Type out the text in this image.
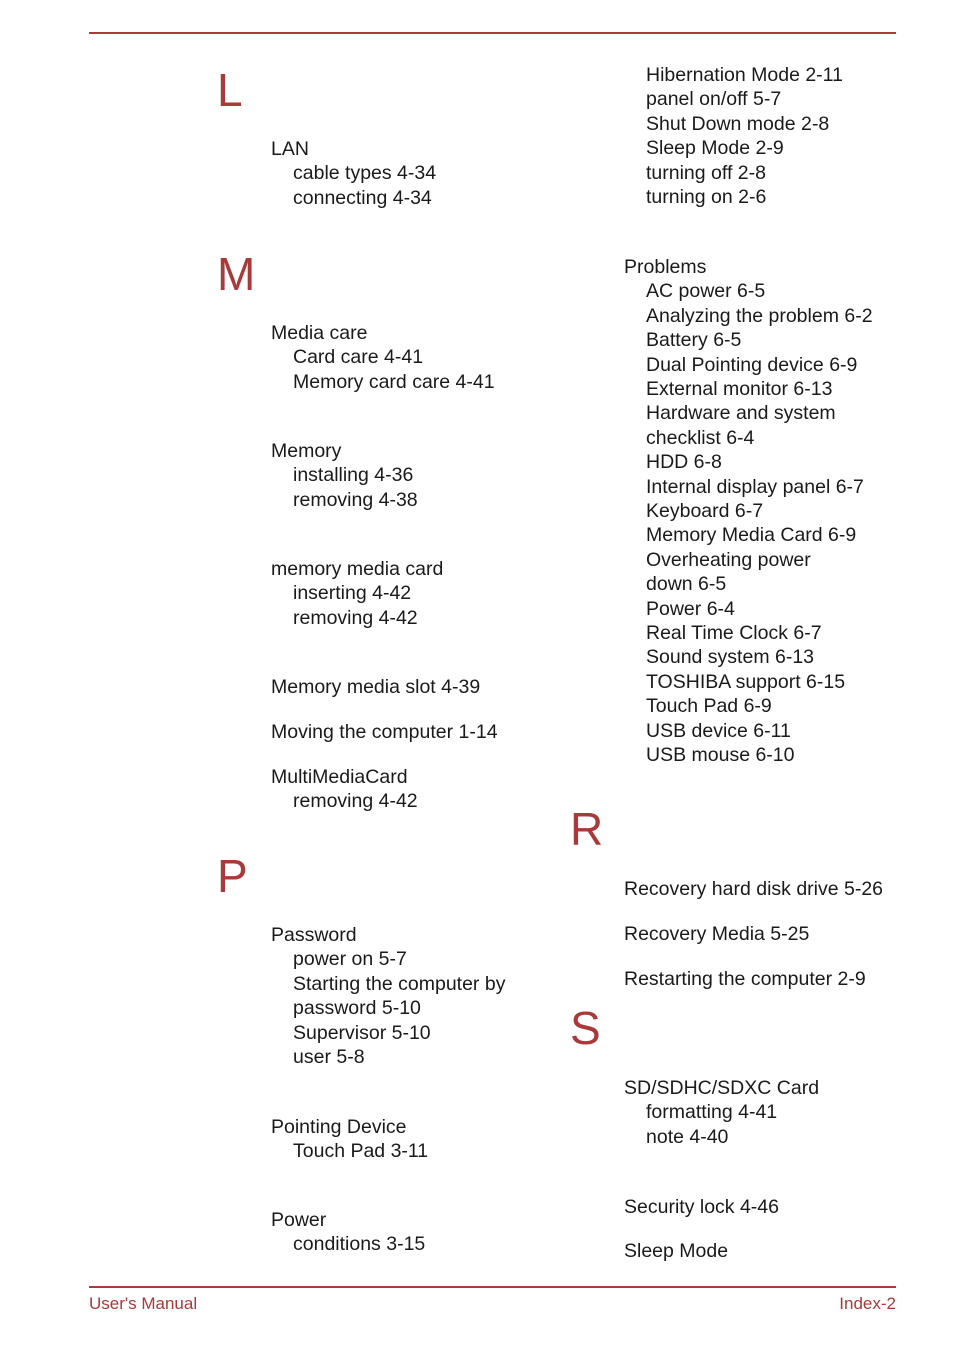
L
M
P
R
S
LAN
cable types 4-34
connecting 4-34
Media care
Card care 4-41
Memory card care 4-41
Memory
installing 4-36
removing 4-38
memory media card
inserting 4-42
removing 4-42
Memory media slot 4-39
Moving the computer 1-14
MultiMediaCard
removing 4-42
Password
power on 5-7
Starting the computer by
password 5-10
Supervisor 5-10
user 5-8
Pointing Device
Touch Pad 3-11
Power
conditions 3-15
Hibernation Mode 2-11
panel on/off 5-7
Shut Down mode 2-8
Sleep Mode 2-9
turning off 2-8
turning on 2-6
Problems
AC power 6-5
Analyzing the problem 6-2
Battery 6-5
Dual Pointing device 6-9
External monitor 6-13
Hardware and system
checklist 6-4
HDD 6-8
Internal display panel 6-7
Keyboard 6-7
Memory Media Card 6-9
Overheating power
down 6-5
Power 6-4
Real Time Clock 6-7
Sound system 6-13
TOSHIBA support 6-15
Touch Pad 6-9
USB device 6-11
USB mouse 6-10
Recovery hard disk drive 5-26
Recovery Media 5-25
Restarting the computer 2-9
SD/SDHC/SDXC Card
formatting 4-41
note 4-40
Security lock 4-46
Sleep Mode
User's Manual	Index-2
